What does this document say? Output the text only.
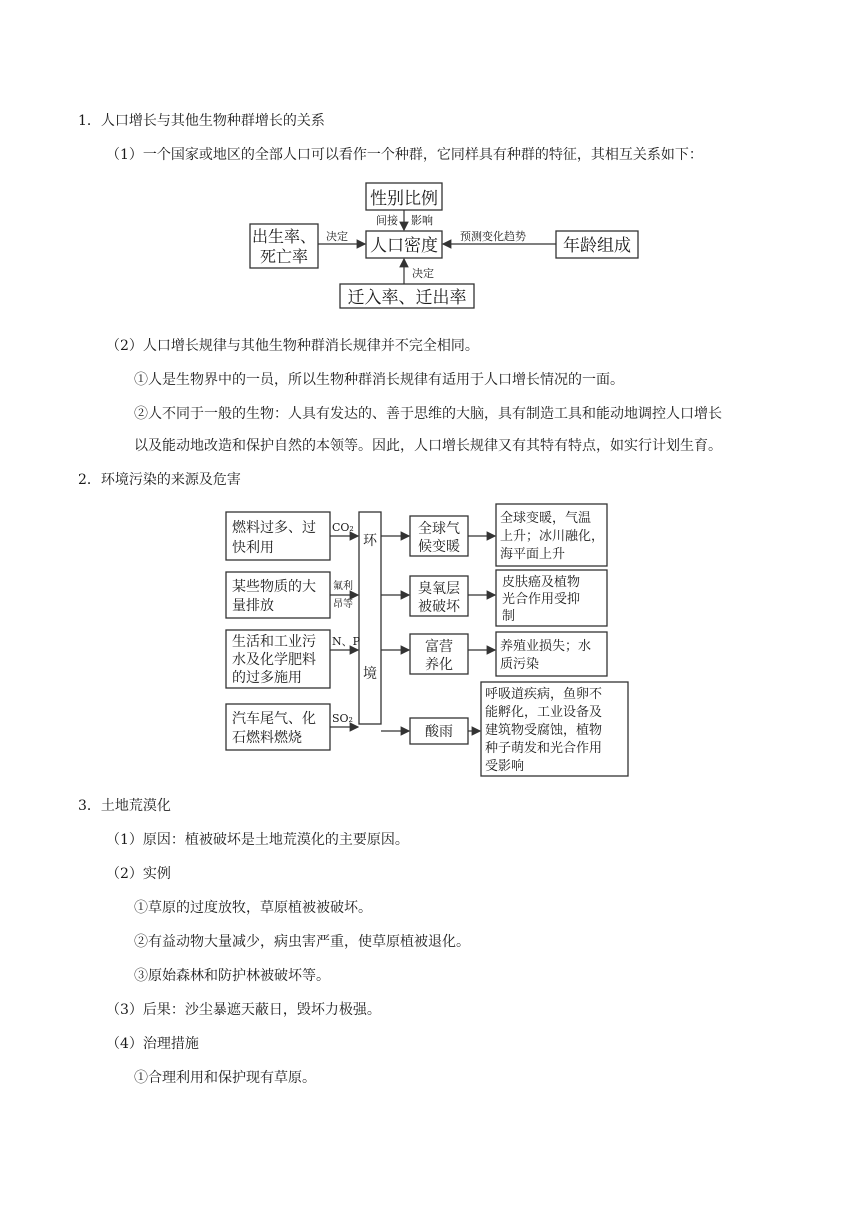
1．人口增长与其他生物种群增长的关系
（1）一个国家或地区的全部人口可以看作一个种群，它同样具有种群的特征，其相互关系如下：
性别比例
出生率、
死亡率
人口密度	年龄组成
迁入率、迁出率
间接 影响
决定	预测变化趋势
决定
（2）人口增长规律与其他生物种群消长规律并不完全相同。
①人是生物界中的一员，所以生物种群消长规律有适用于人口增长情况的一面。
②人不同于一般的生物：人具有发达的、善于思维的大脑，具有制造工具和能动地调控人口增长
以及能动地改造和保护自然的本领等。因此，人口增长规律又有其特有特点，如实行计划生育。
2．环境污染的来源及危害
环
境
燃料过多、过
快利用
CO₂	全球气
候变暖
全球变暖，气温
上升；冰川融化，
海平面上升
某些物质的大
量排放
氟利
昂等
臭氧层
被破坏
皮肤癌及植物
光合作用受抑
制
生活和工业污
水及化学肥料
的过多施用
N、P	富营
养化
养殖业损失；水
质污染
汽车尾气、化
石燃料燃烧
SO₂
酸雨
呼吸道疾病，鱼卵不
能孵化，工业设备及
建筑物受腐蚀，植物
种子萌发和光合作用
受影响
3．土地荒漠化
（1）原因：植被破坏是土地荒漠化的主要原因。
（2）实例
①草原的过度放牧，草原植被被破坏。
②有益动物大量减少，病虫害严重，使草原植被退化。
③原始森林和防护林被破坏等。
（3）后果：沙尘暴遮天蔽日，毁坏力极强。
（4）治理措施
①合理利用和保护现有草原。
